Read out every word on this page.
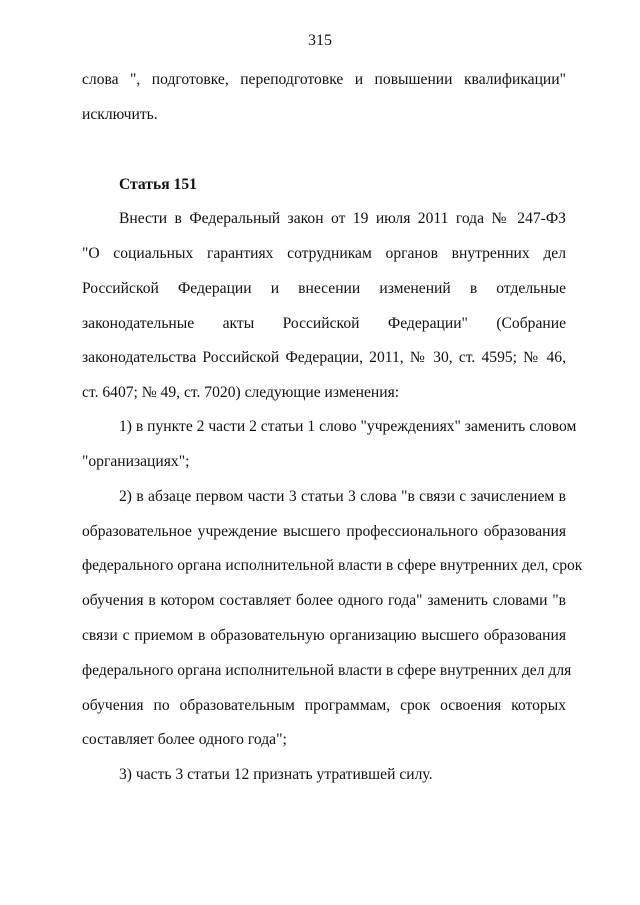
315
слова ", подготовке, переподготовке и повышении квалификации"
исключить.
Статья 151
Внести в Федеральный закон от 19 июля 2011 года № 247-ФЗ
"О социальных гарантиях сотрудникам органов внутренних дел
Российской Федерации и внесении изменений в отдельные
законодательные акты Российской Федерации" (Собрание
законодательства Российской Федерации, 2011, № 30, ст. 4595; № 46,
ст. 6407; № 49, ст. 7020) следующие изменения:
1) в пункте 2 части 2 статьи 1 слово "учреждениях" заменить словом
"организациях";
2) в абзаце первом части 3 статьи 3 слова "в связи с зачислением в
образовательное учреждение высшего профессионального образования
федерального органа исполнительной власти в сфере внутренних дел, срок
обучения в котором составляет более одного года" заменить словами "в
связи с приемом в образовательную организацию высшего образования
федерального органа исполнительной власти в сфере внутренних дел для
обучения по образовательным программам, срок освоения которых
составляет более одного года";
3) часть 3 статьи 12 признать утратившей силу.
